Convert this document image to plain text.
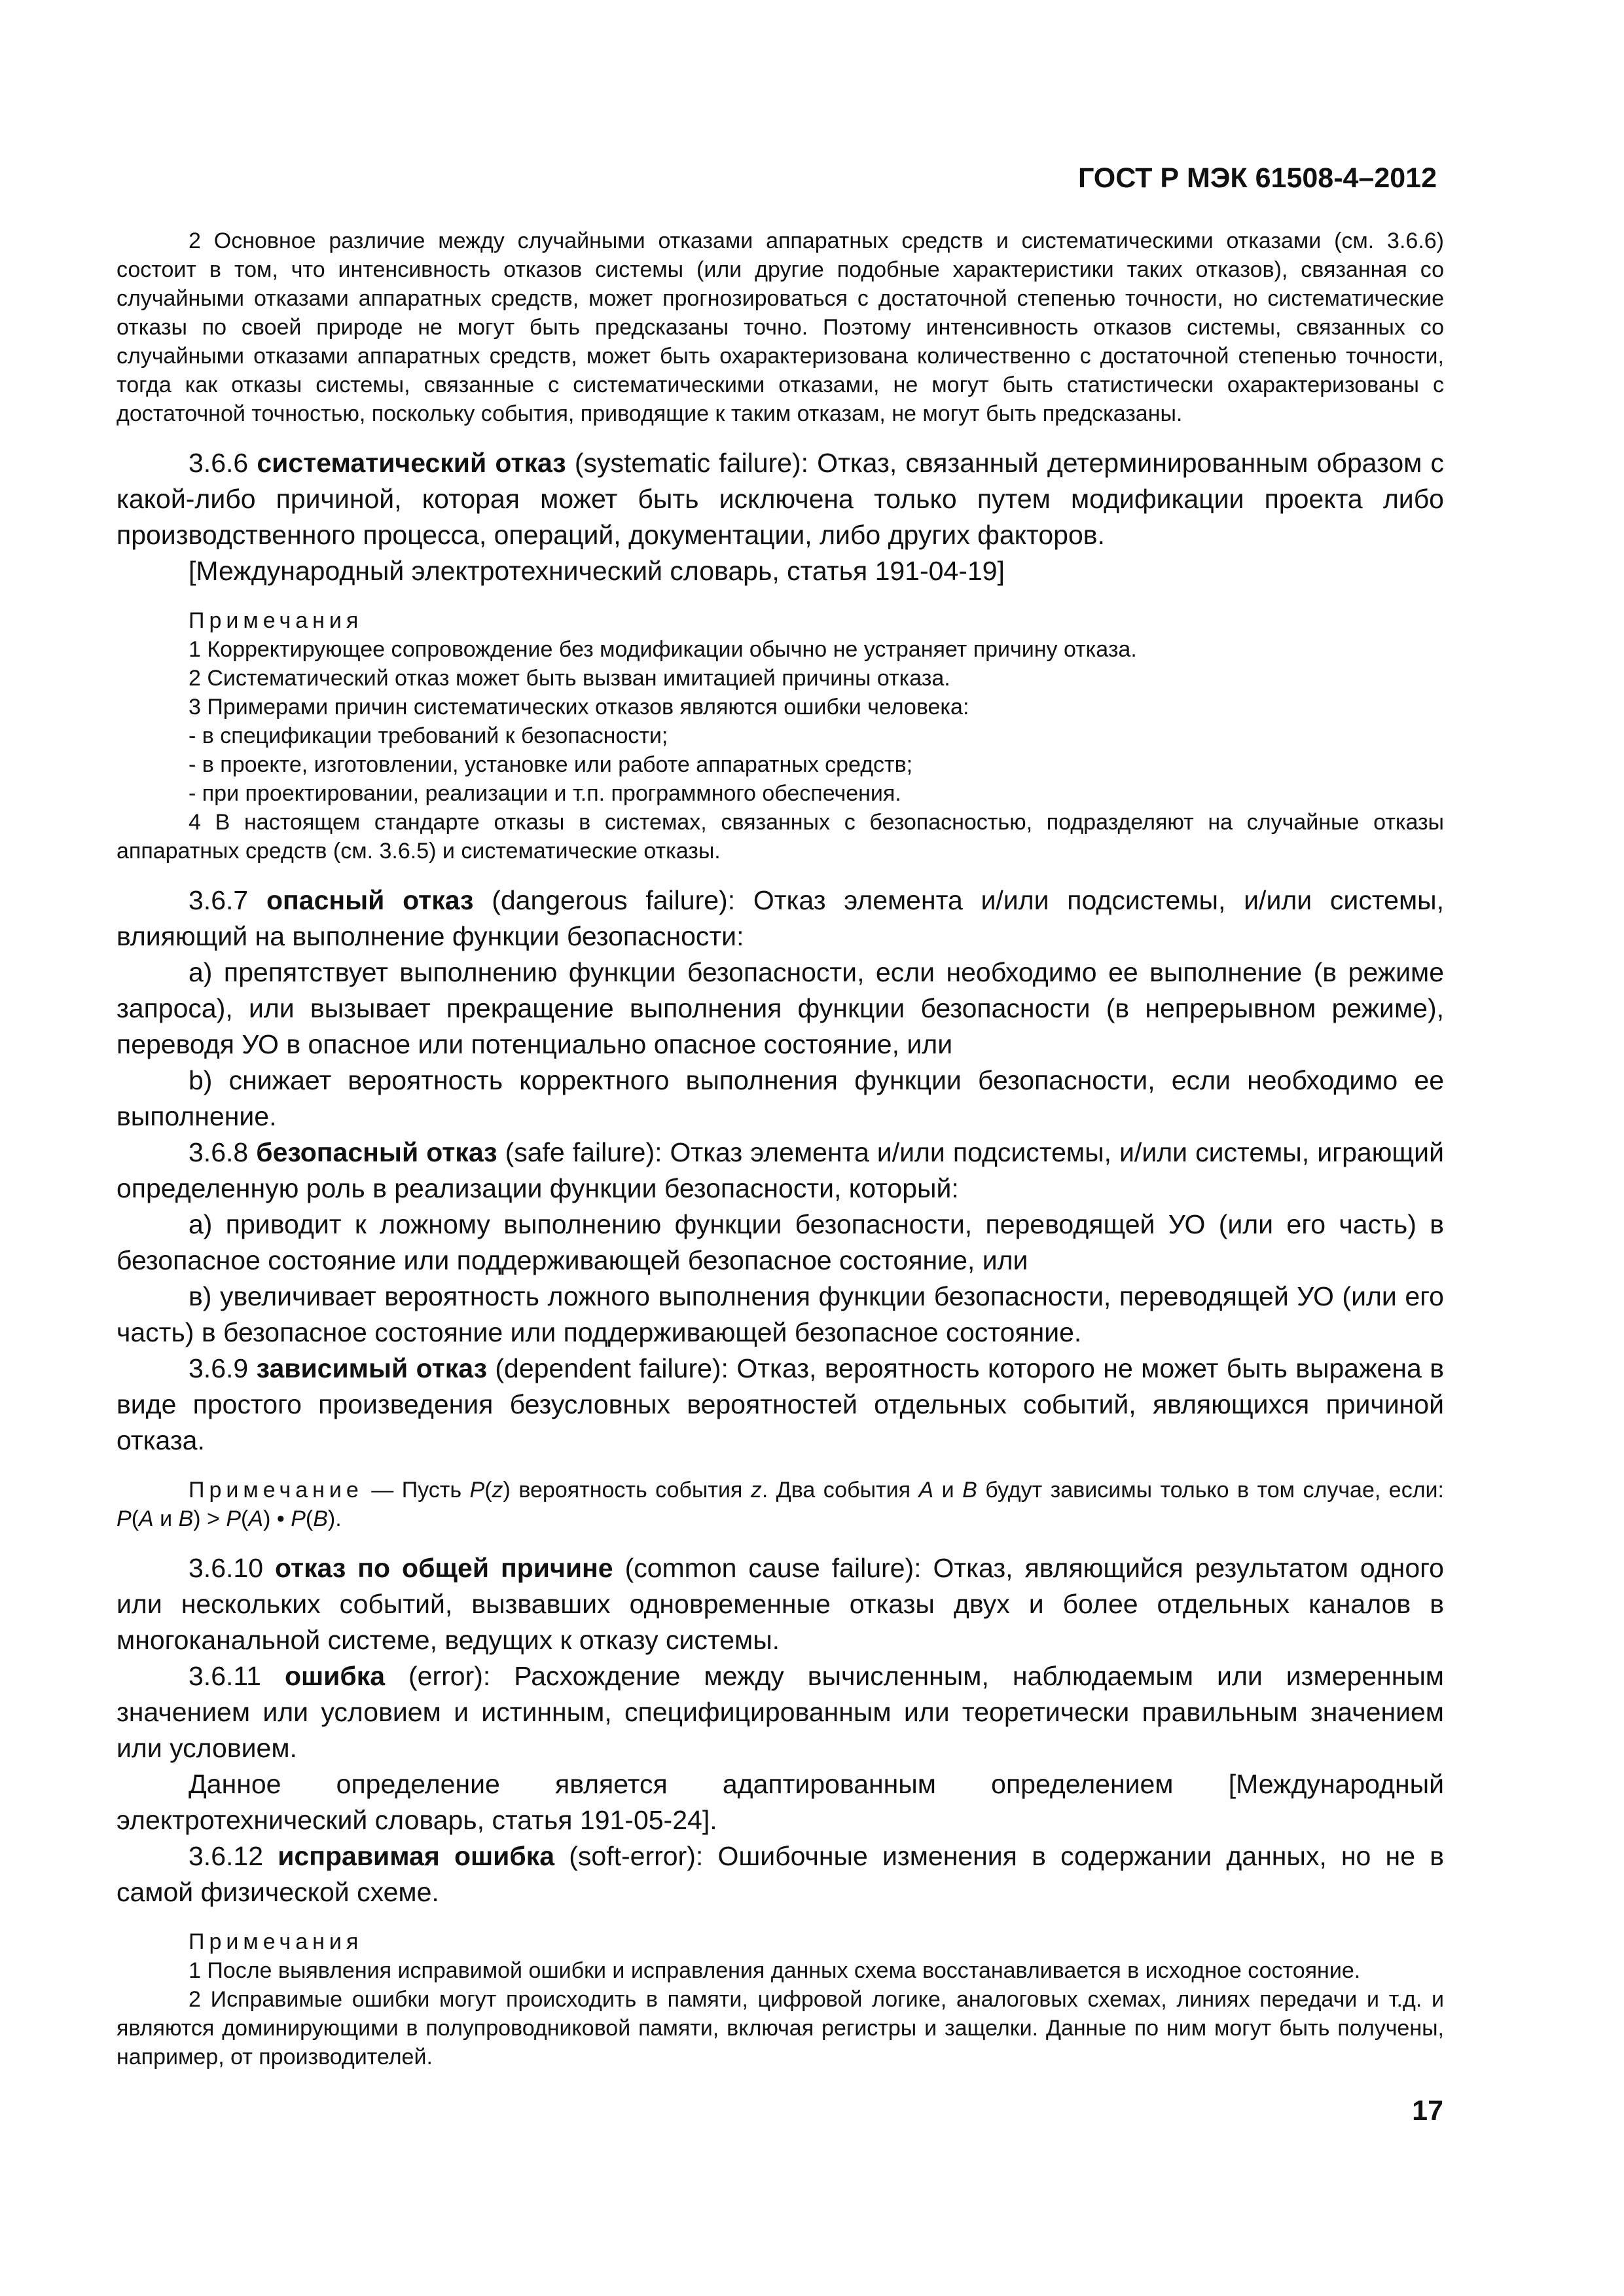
ГОСТ Р МЭК 61508-4–2012

2 Основное различие между случайными отказами аппаратных средств и систематическими отказами (см. 3.6.6) состоит в том, что интенсивность отказов системы (или другие подобные характеристики таких отказов), связанная со случайными отказами аппаратных средств, может прогнозироваться с достаточной степенью точности, но систематические отказы по своей природе не могут быть предсказаны точно. Поэтому интенсивность отказов системы, связанных со случайными отказами аппаратных средств, может быть охарактеризована количественно с достаточной степенью точности, тогда как отказы системы, связанные с систематическими отказами, не могут быть статистически охарактеризованы с достаточной точностью, поскольку события, приводящие к таким отказам, не могут быть предсказаны.

3.6.6 систематический отказ (systematic failure): Отказ, связанный детерминированным образом с какой-либо причиной, которая может быть исключена только путем модификации проекта либо производственного процесса, операций, документации, либо других факторов.

[Международный электротехнический словарь, статья 191-04-19]

Примечания

1 Корректирующее сопровождение без модификации обычно не устраняет причину отказа.

2 Систематический отказ может быть вызван имитацией причины отказа.

3 Примерами причин систематических отказов являются ошибки человека:

- в спецификации требований к безопасности;

- в проекте, изготовлении, установке или работе аппаратных средств;

- при проектировании, реализации и т.п. программного обеспечения.

4 В настоящем стандарте отказы в системах, связанных с безопасностью, подразделяют на случайные отказы аппаратных средств (см. 3.6.5) и систематические отказы.

3.6.7 опасный отказ (dangerous failure): Отказ элемента и/или подсистемы, и/или системы, влияющий на выполнение функции безопасности:

а) препятствует выполнению функции безопасности, если необходимо ее выполнение (в режиме запроса), или вызывает прекращение выполнения функции безопасности (в непрерывном режиме), переводя УО в опасное или потенциально опасное состояние, или

b) снижает вероятность корректного выполнения функции безопасности, если необходимо ее выполнение.

3.6.8 безопасный отказ (safe failure): Отказ элемента и/или подсистемы, и/или системы, играющий определенную роль в реализации функции безопасности, который:

а) приводит к ложному выполнению функции безопасности, переводящей УО (или его часть) в безопасное состояние или поддерживающей безопасное состояние, или

в) увеличивает вероятность ложного выполнения функции безопасности, переводящей УО (или его часть) в безопасное состояние или поддерживающей безопасное состояние.

3.6.9 зависимый отказ (dependent failure): Отказ, вероятность которого не может быть выражена в виде простого произведения безусловных вероятностей отдельных событий, являющихся причиной отказа.

Примечание — Пусть P(z) вероятность события z. Два события A и B будут зависимы только в том случае, если: P(A и B) > P(A) • P(B).

3.6.10 отказ по общей причине (common cause failure): Отказ, являющийся результатом одного или нескольких событий, вызвавших одновременные отказы двух и более отдельных каналов в многоканальной системе, ведущих к отказу системы.

3.6.11 ошибка (error): Расхождение между вычисленным, наблюдаемым или измеренным значением или условием и истинным, специфицированным или теоретически правильным значением или условием.

Данное определение является адаптированным определением [Международный электротехнический словарь, статья 191-05-24].

3.6.12 исправимая ошибка (soft-error): Ошибочные изменения в содержании данных, но не в самой физической схеме.

Примечания

1 После выявления исправимой ошибки и исправления данных схема восстанавливается в исходное состояние.

2 Исправимые ошибки могут происходить в памяти, цифровой логике, аналоговых схемах, линиях передачи и т.д. и являются доминирующими в полупроводниковой памяти, включая регистры и защелки. Данные по ним могут быть получены, например, от производителей.

17
